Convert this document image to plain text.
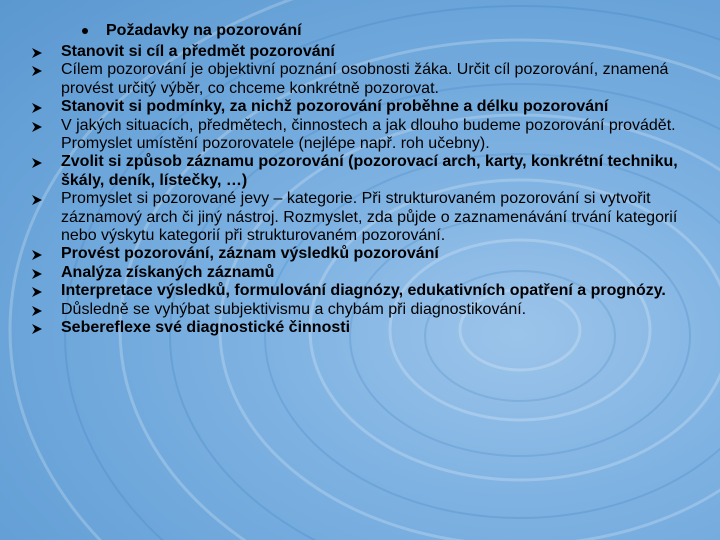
Požadavky na pozorování
Stanovit si cíl a předmět pozorování
Cílem pozorování je objektivní poznání osobnosti žáka. Určit cíl pozorování, znamená provést určitý výběr, co chceme konkrétně pozorovat.
Stanovit si podmínky, za nichž pozorování proběhne a délku pozorování
V jakých situacích, předmětech, činnostech a jak dlouho budeme pozorování provádět. Promyslet umístění pozorovatele (nejlépe např. roh učebny).
Zvolit si způsob záznamu pozorování (pozorovací arch, karty, konkrétní techniku, škály, deník, lístečky, …)
Promyslet si pozorované jevy – kategorie. Při strukturovaném pozorování si vytvořit záznamový arch či jiný nástroj. Rozmyslet, zda půjde o zaznamenávání trvání kategorií nebo výskytu kategorií při strukturovaném pozorování.
Provést pozorování, záznam výsledků pozorování
Analýza získaných záznamů
Interpretace výsledků, formulování diagnózy, edukativních opatření a prognózy.
Důsledně se vyhýbat subjektivismu a chybám při diagnostikování.
Sebereflexe své diagnostické činnosti
